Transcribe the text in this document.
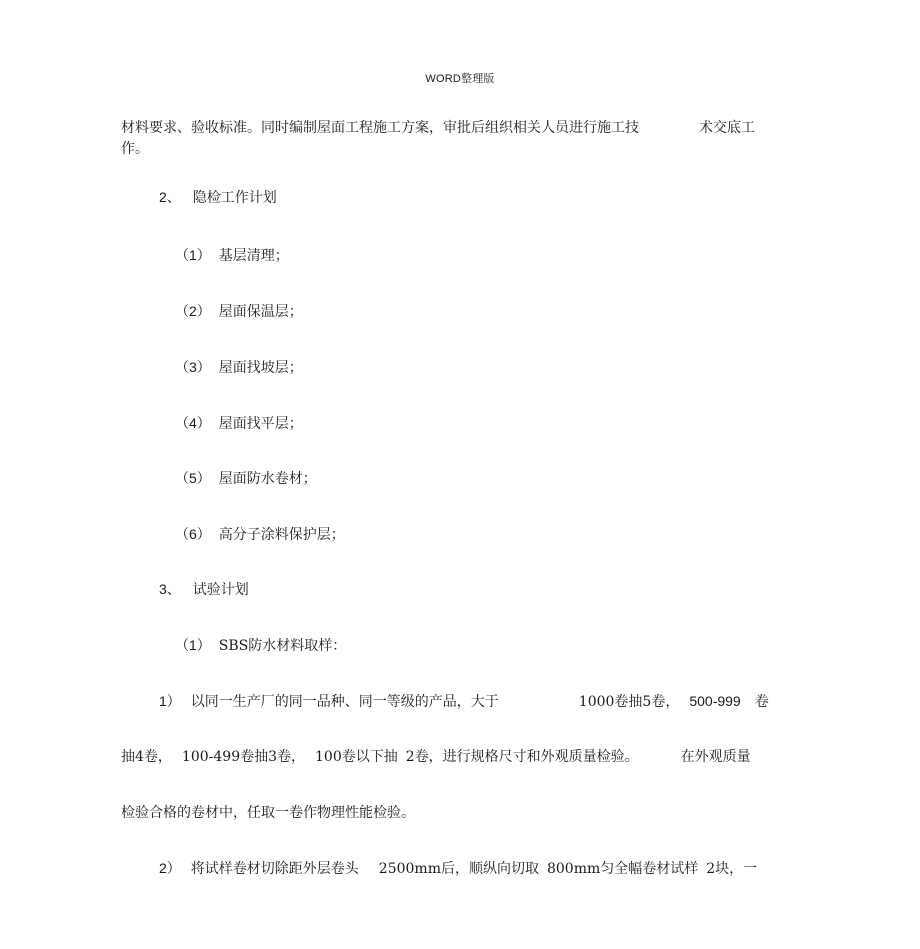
WORD整理版
材料要求、验收标准。同时编制屋面工程施工方案，审批后组织相关人员进行施工技	术交底工
作。
2、 隐检工作计划
（1） 基层清理；
（2） 屋面保温层；
（3） 屋面找坡层；
（4） 屋面找平层；
（5） 屋面防水卷材；
（6） 高分子涂料保护层；
3、 试验计划
（1） SBS防水材料取样：
1） 以同一生产厂的同一品种、同一等级的产品，大于	1000卷抽5卷， 500-999 卷
抽4卷， 100-499卷抽3卷， 100卷以下抽 2卷，进行规格尺寸和外观质量检验。	在外观质量
检验合格的卷材中，任取一卷作物理性能检验。
2） 将试样卷材切除距外层卷头 2500mm后，顺纵向切取 800mm匀全幅卷材试样 2块，一
